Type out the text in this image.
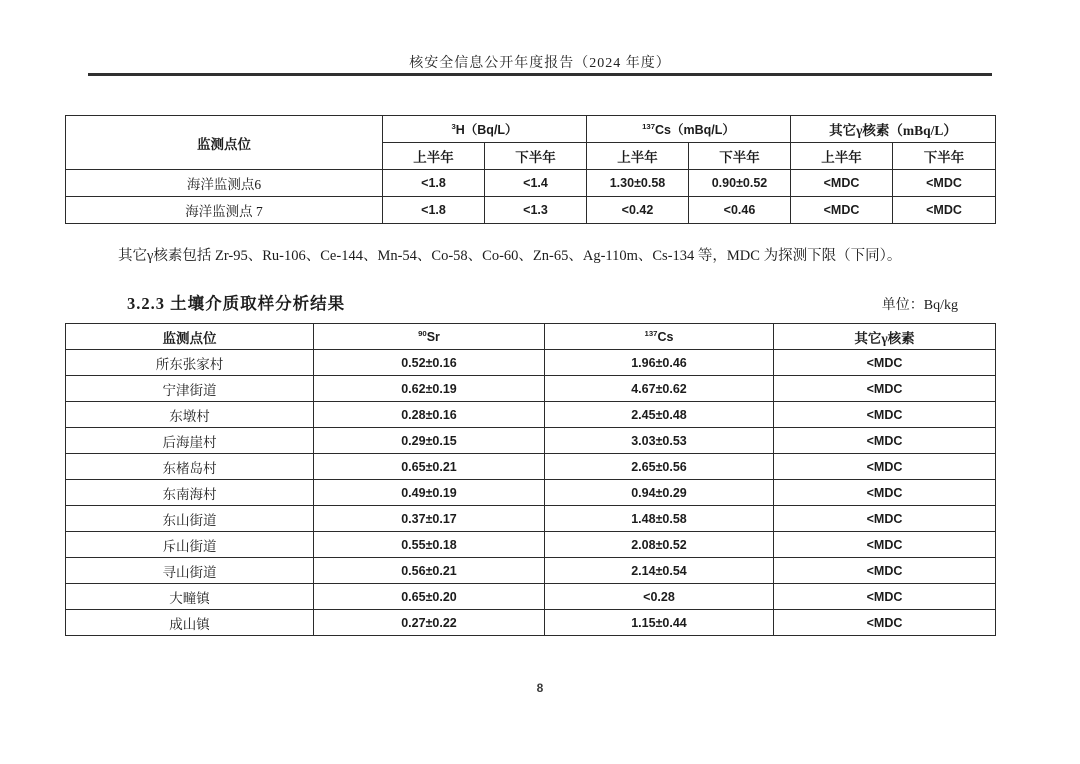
核安全信息公开年度报告（2024 年度）
监测点位	$^3$H（Bq/L）		$^{137}$Cs（mBq/L）		其它γ核素（mBq/L）	
	上半年	下半年	上半年	下半年	上半年	下半年
海洋监测点6	<1.8	<1.4	1.30±0.58	0.90±0.52	<MDC	<MDC
海洋监测点 7	<1.8	<1.3	<0.42	<0.46	<MDC	<MDC
其它γ核素包括 Zr-95、Ru-106、Ce-144、Mn-54、Co-58、Co-60、Zn-65、Ag-110m、Cs-134 等，MDC 为探测下限（下同）。
3.2.3 土壤介质取样分析结果	单位：Bq/kg
监测点位	$^{90}$Sr	$^{137}$Cs	其它γ核素
所东张家村	0.52±0.16	1.96±0.46	<MDC
宁津街道	0.62±0.19	4.67±0.62	<MDC
东墩村	0.28±0.16	2.45±0.48	<MDC
后海崖村	0.29±0.15	3.03±0.53	<MDC
东楮岛村	0.65±0.21	2.65±0.56	<MDC
东南海村	0.49±0.19	0.94±0.29	<MDC
东山街道	0.37±0.17	1.48±0.58	<MDC
斥山街道	0.55±0.18	2.08±0.52	<MDC
寻山街道	0.56±0.21	2.14±0.54	<MDC
大疃镇	0.65±0.20	<0.28	<MDC
成山镇	0.27±0.22	1.15±0.44	<MDC
8
